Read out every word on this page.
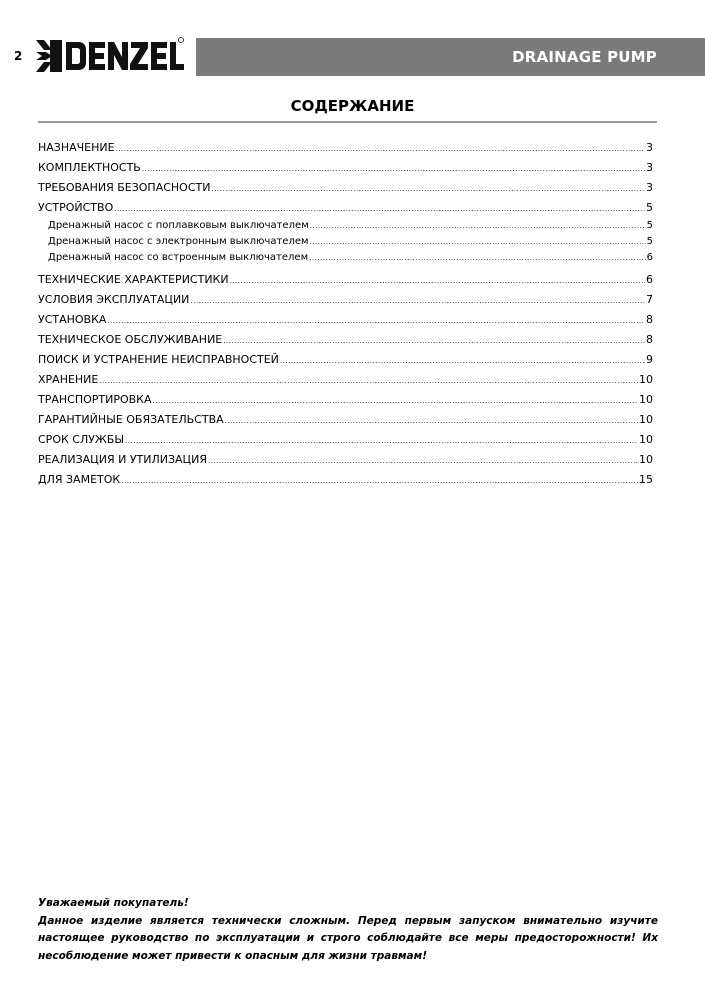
2	DRAINAGE PUMP
СОДЕРЖАНИЕ
НАЗНАЧЕНИЕ .....	3
КОМПЛЕКТНОСТЬ .....	3
ТРЕБОВАНИЯ БЕЗОПАСНОСТИ .....	3
УСТРОЙСТВО .....	5
Дренажный насос с поплавковым выключателем .....	5
Дренажный насос с электронным выключателем .....	5
Дренажный насос со встроенным выключателем .....	6
ТЕХНИЧЕСКИЕ ХАРАКТЕРИСТИКИ .....	6
УСЛОВИЯ ЭКСПЛУАТАЦИИ .....	7
УСТАНОВКА .....	8
ТЕХНИЧЕСКОЕ ОБСЛУЖИВАНИЕ .....	8
ПОИСК И УСТРАНЕНИЕ НЕИСПРАВНОСТЕЙ .....	9
ХРАНЕНИЕ .....	10
ТРАНСПОРТИРОВКА .....	10
ГАРАНТИЙНЫЕ ОБЯЗАТЕЛЬСТВА .....	10
СРОК СЛУЖБЫ .....	10
РЕАЛИЗАЦИЯ И УТИЛИЗАЦИЯ .....	10
ДЛЯ ЗАМЕТОК .....	15

Уважаемый покупатель!

Данное изделие является технически сложным. Перед первым запуском внимательно изучите настоящее руководство по эксплуатации и строго соблюдайте все меры предосторожности! Их несоблюдение может привести к опасным для жизни травмам!
